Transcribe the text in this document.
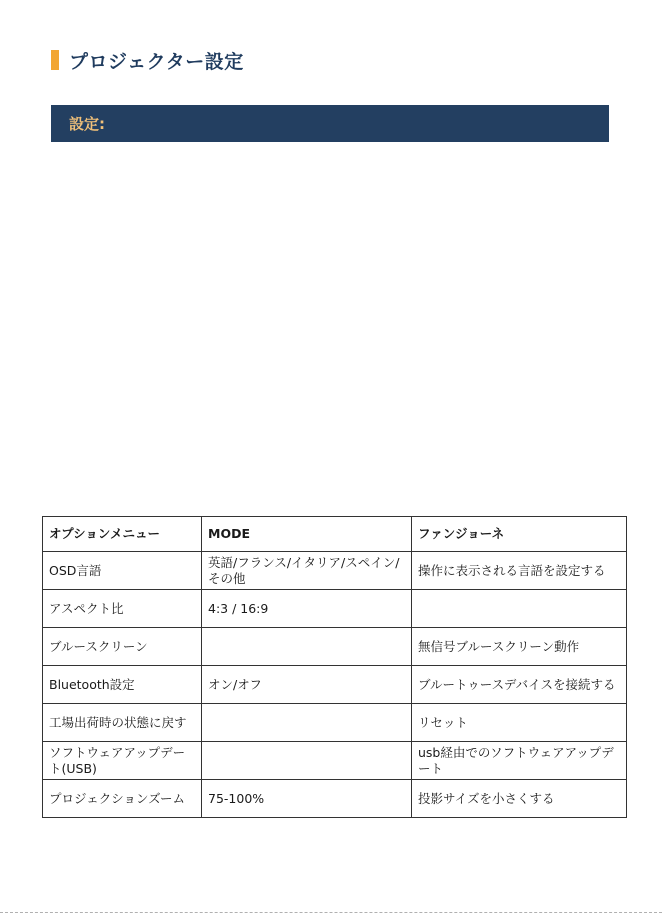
プロジェクター設定
設定:
オプションメニュー	MODE	ファンジョーネ
OSD言語	英語/フランス/イタリア/スペイン/その他	操作に表示される言語を設定する
アスペクト比	4:3 / 16:9	
ブルースクリーン		無信号ブルースクリーン動作
Bluetooth設定	オン/オフ	ブルートゥースデバイスを接続する
工場出荷時の状態に戻す		リセット
ソフトウェアアップデート(USB)		usb経由でのソフトウェアアップデート
プロジェクションズーム	75-100%	投影サイズを小さくする
